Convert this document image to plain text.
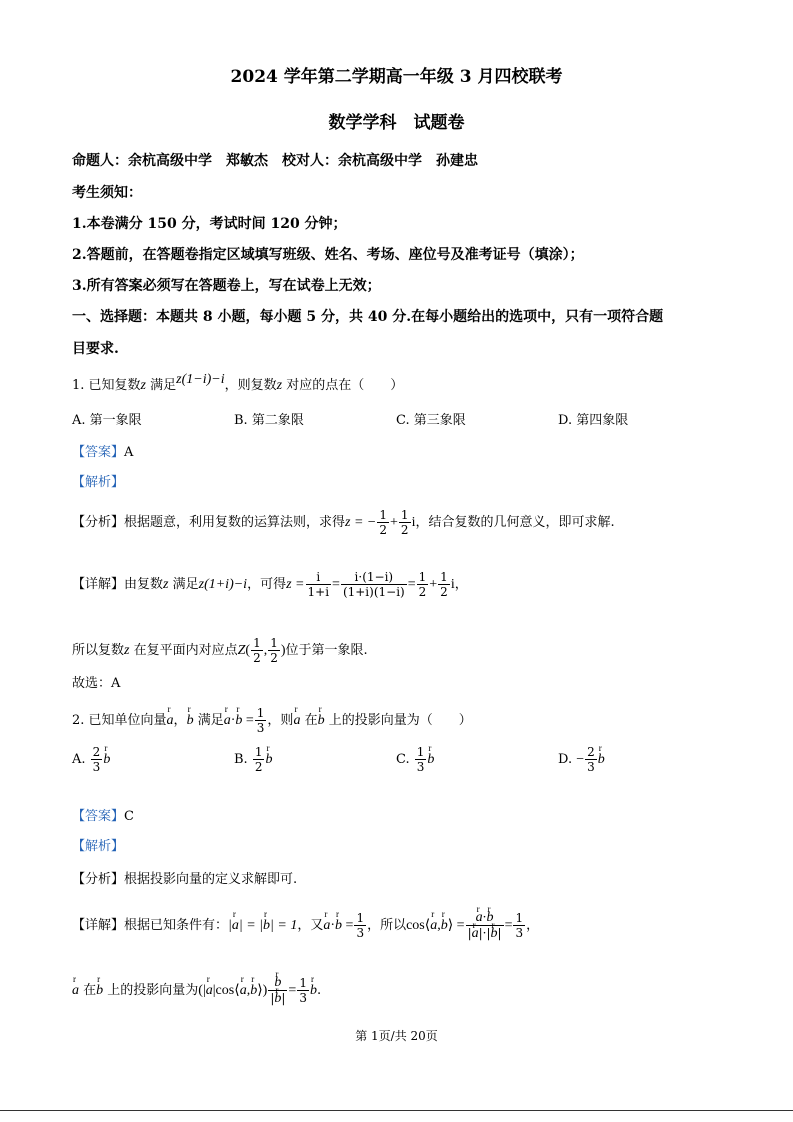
2024 学年第二学期高一年级 3 月四校联考
数学学科　试题卷
命题人：余杭高级中学　郑敏杰　校对人：余杭高级中学　孙建忠
考生须知：
1.本卷满分 150 分，考试时间 120 分钟；
2.答题前，在答题卷指定区域填写班级、姓名、考场、座位号及准考证号（填涂）；
3.所有答案必须写在答题卷上，写在试卷上无效；
一、选择题：本题共 8 小题，每小题 5 分，共 40 分.在每小题给出的选项中，只有一项符合题
目要求.
1. 已知复数z 满足z(1−i)−i，则复数z 对应的点在（　　）
A. 第一象限	B. 第二象限	C. 第三象限	D. 第四象限
【答案】A
【解析】
【分析】根据题意，利用复数的运算法则，求得z = − $\frac{1}{2} + \frac{1}{2}$ i，结合复数的几何意义，即可求解.
【详解】由复数z 满足z(1+i)−i，可得$z = \frac{i}{1+i} = \frac{i\cdot(1-i)}{(1+i)(1-i)} = \frac{1}{2} + \frac{1}{2}$ i，
所以复数z 在复平面内对应点$Z( \frac{1}{2}$ , $\frac{1}{2}$ )位于第一象限.
故选：A
2. 已知单位向量r a，r b 满足r a·r $b = \frac{1}{3}$ ，则r a 在r b 上的投影向量为（　　）
A. $\frac{2}{3}$ r b	B. $\frac{1}{2}$ r b	C. $\frac{1}{3}$ r b	D. − $\frac{2}{3}$ r b
【答案】C
【解析】
【分析】根据投影向量的定义求解即可.
【详解】根据已知条件有：|r a| = |r b| = 1，又r a·r $b = \frac{1}{3}$ ，所以cos⟨r a,r b⟩ = r $\frac{\text{a·r b}}{\text{|r a|·|r b|}} = \frac{1}{3}$ ，
r a 在r b 上的投影向量为(|r a|cos⟨r a,r b⟩) r $\frac{b}{\text{|r b|}} = \frac{1}{3}$ r b.
第 1页/共 20页
